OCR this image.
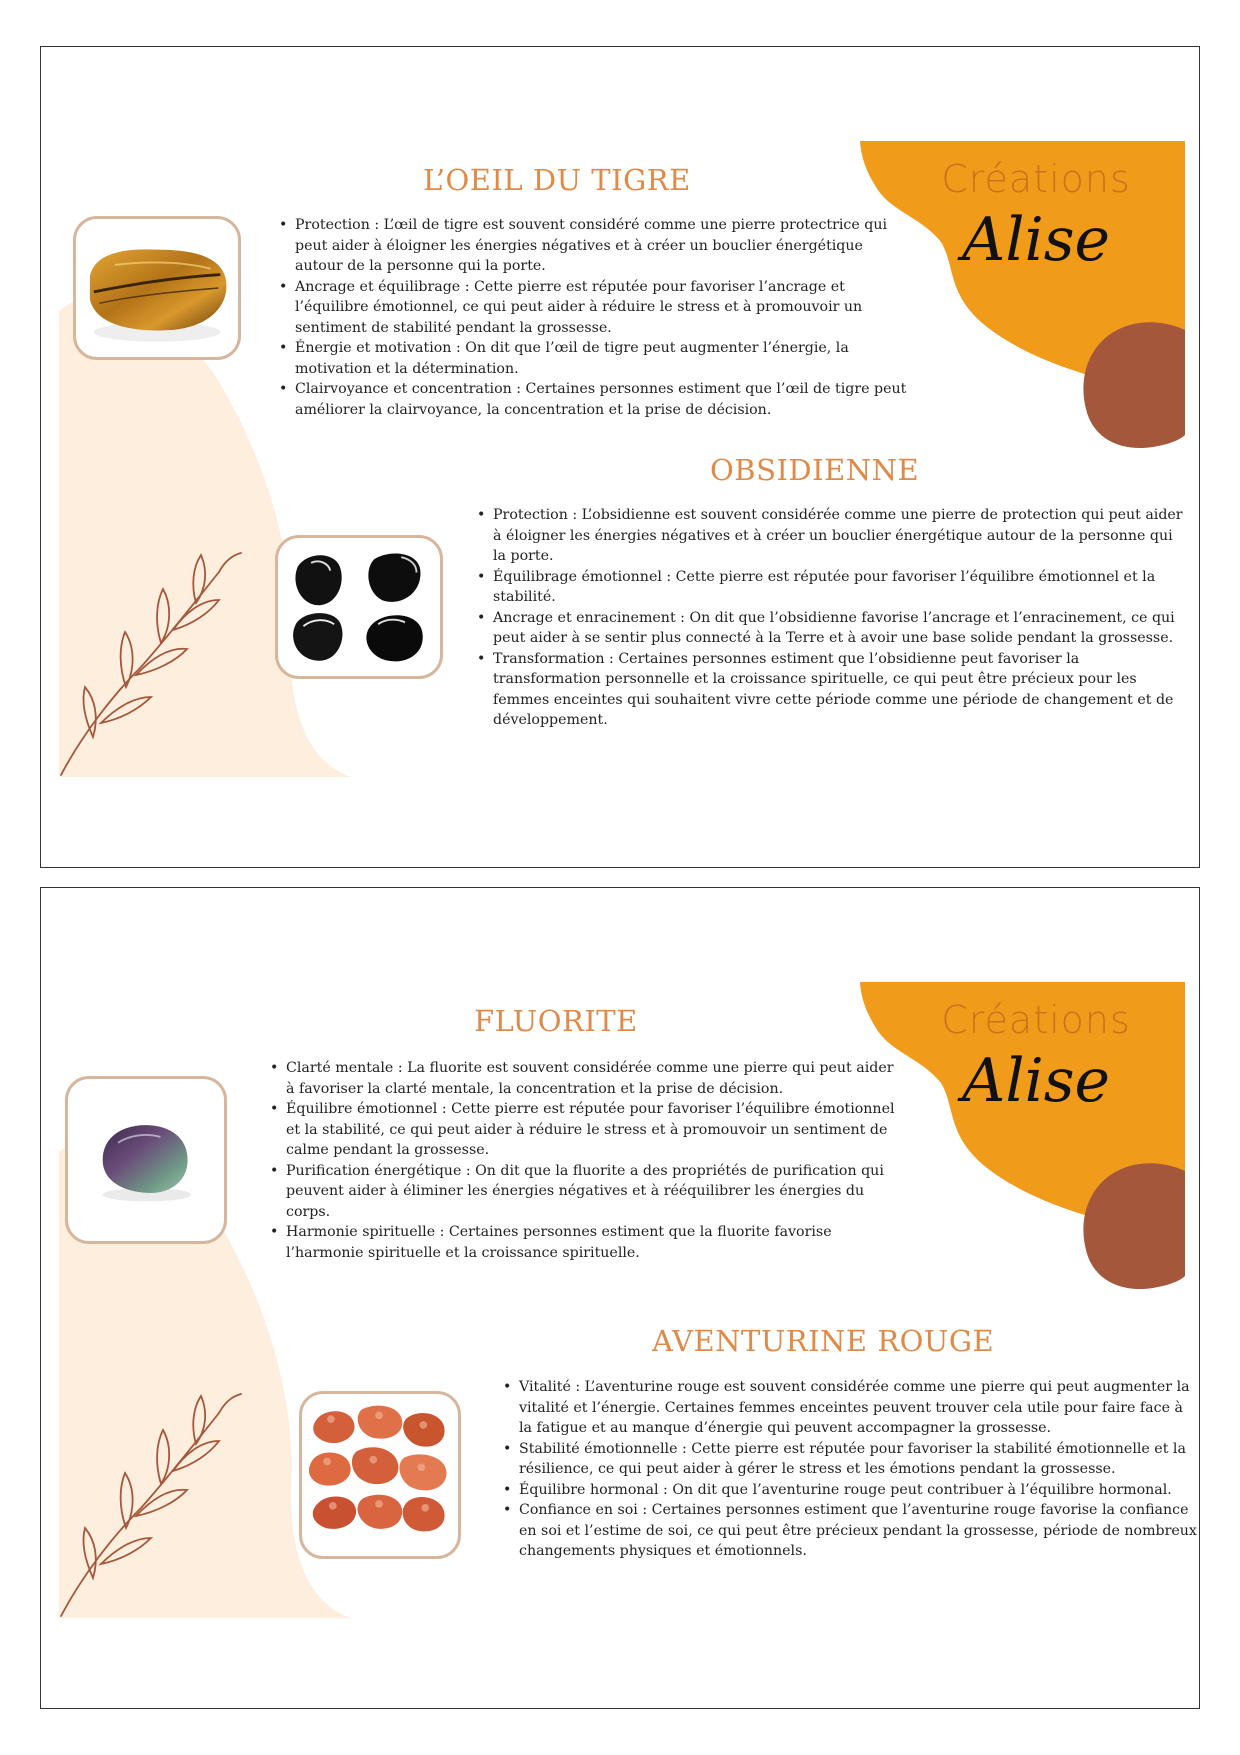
Créations
Alise
L’OEIL DU TIGRE
• Protection : L’œil de tigre est souvent considéré comme une pierre protectrice qui peut aider à éloigner les énergies négatives et à créer un bouclier énergétique autour de la personne qui la porte.
• Ancrage et équilibrage : Cette pierre est réputée pour favoriser l’ancrage et l’équilibre émotionnel, ce qui peut aider à réduire le stress et à promouvoir un sentiment de stabilité pendant la grossesse.
• Énergie et motivation : On dit que l’œil de tigre peut augmenter l’énergie, la motivation et la détermination.
• Clairvoyance et concentration : Certaines personnes estiment que l’œil de tigre peut améliorer la clairvoyance, la concentration et la prise de décision.
OBSIDIENNE
• Protection : L’obsidienne est souvent considérée comme une pierre de protection qui peut aider à éloigner les énergies négatives et à créer un bouclier énergétique autour de la personne qui la porte.
• Équilibrage émotionnel : Cette pierre est réputée pour favoriser l’équilibre émotionnel et la stabilité.
• Ancrage et enracinement : On dit que l’obsidienne favorise l’ancrage et l’enracinement, ce qui peut aider à se sentir plus connecté à la Terre et à avoir une base solide pendant la grossesse.
• Transformation : Certaines personnes estiment que l’obsidienne peut favoriser la transformation personnelle et la croissance spirituelle, ce qui peut être précieux pour les femmes enceintes qui souhaitent vivre cette période comme une période de changement et de développement.
Créations
Alise
FLUORITE
• Clarté mentale : La fluorite est souvent considérée comme une pierre qui peut aider à favoriser la clarté mentale, la concentration et la prise de décision.
• Équilibre émotionnel : Cette pierre est réputée pour favoriser l’équilibre émotionnel et la stabilité, ce qui peut aider à réduire le stress et à promouvoir un sentiment de calme pendant la grossesse.
• Purification énergétique : On dit que la fluorite a des propriétés de purification qui peuvent aider à éliminer les énergies négatives et à rééquilibrer les énergies du corps.
• Harmonie spirituelle : Certaines personnes estiment que la fluorite favorise l’harmonie spirituelle et la croissance spirituelle.
AVENTURINE ROUGE
• Vitalité : L’aventurine rouge est souvent considérée comme une pierre qui peut augmenter la vitalité et l’énergie. Certaines femmes enceintes peuvent trouver cela utile pour faire face à la fatigue et au manque d’énergie qui peuvent accompagner la grossesse.
• Stabilité émotionnelle : Cette pierre est réputée pour favoriser la stabilité émotionnelle et la résilience, ce qui peut aider à gérer le stress et les émotions pendant la grossesse.
• Équilibre hormonal : On dit que l’aventurine rouge peut contribuer à l’équilibre hormonal.
• Confiance en soi : Certaines personnes estiment que l’aventurine rouge favorise la confiance en soi et l’estime de soi, ce qui peut être précieux pendant la grossesse, période de nombreux changements physiques et émotionnels.
